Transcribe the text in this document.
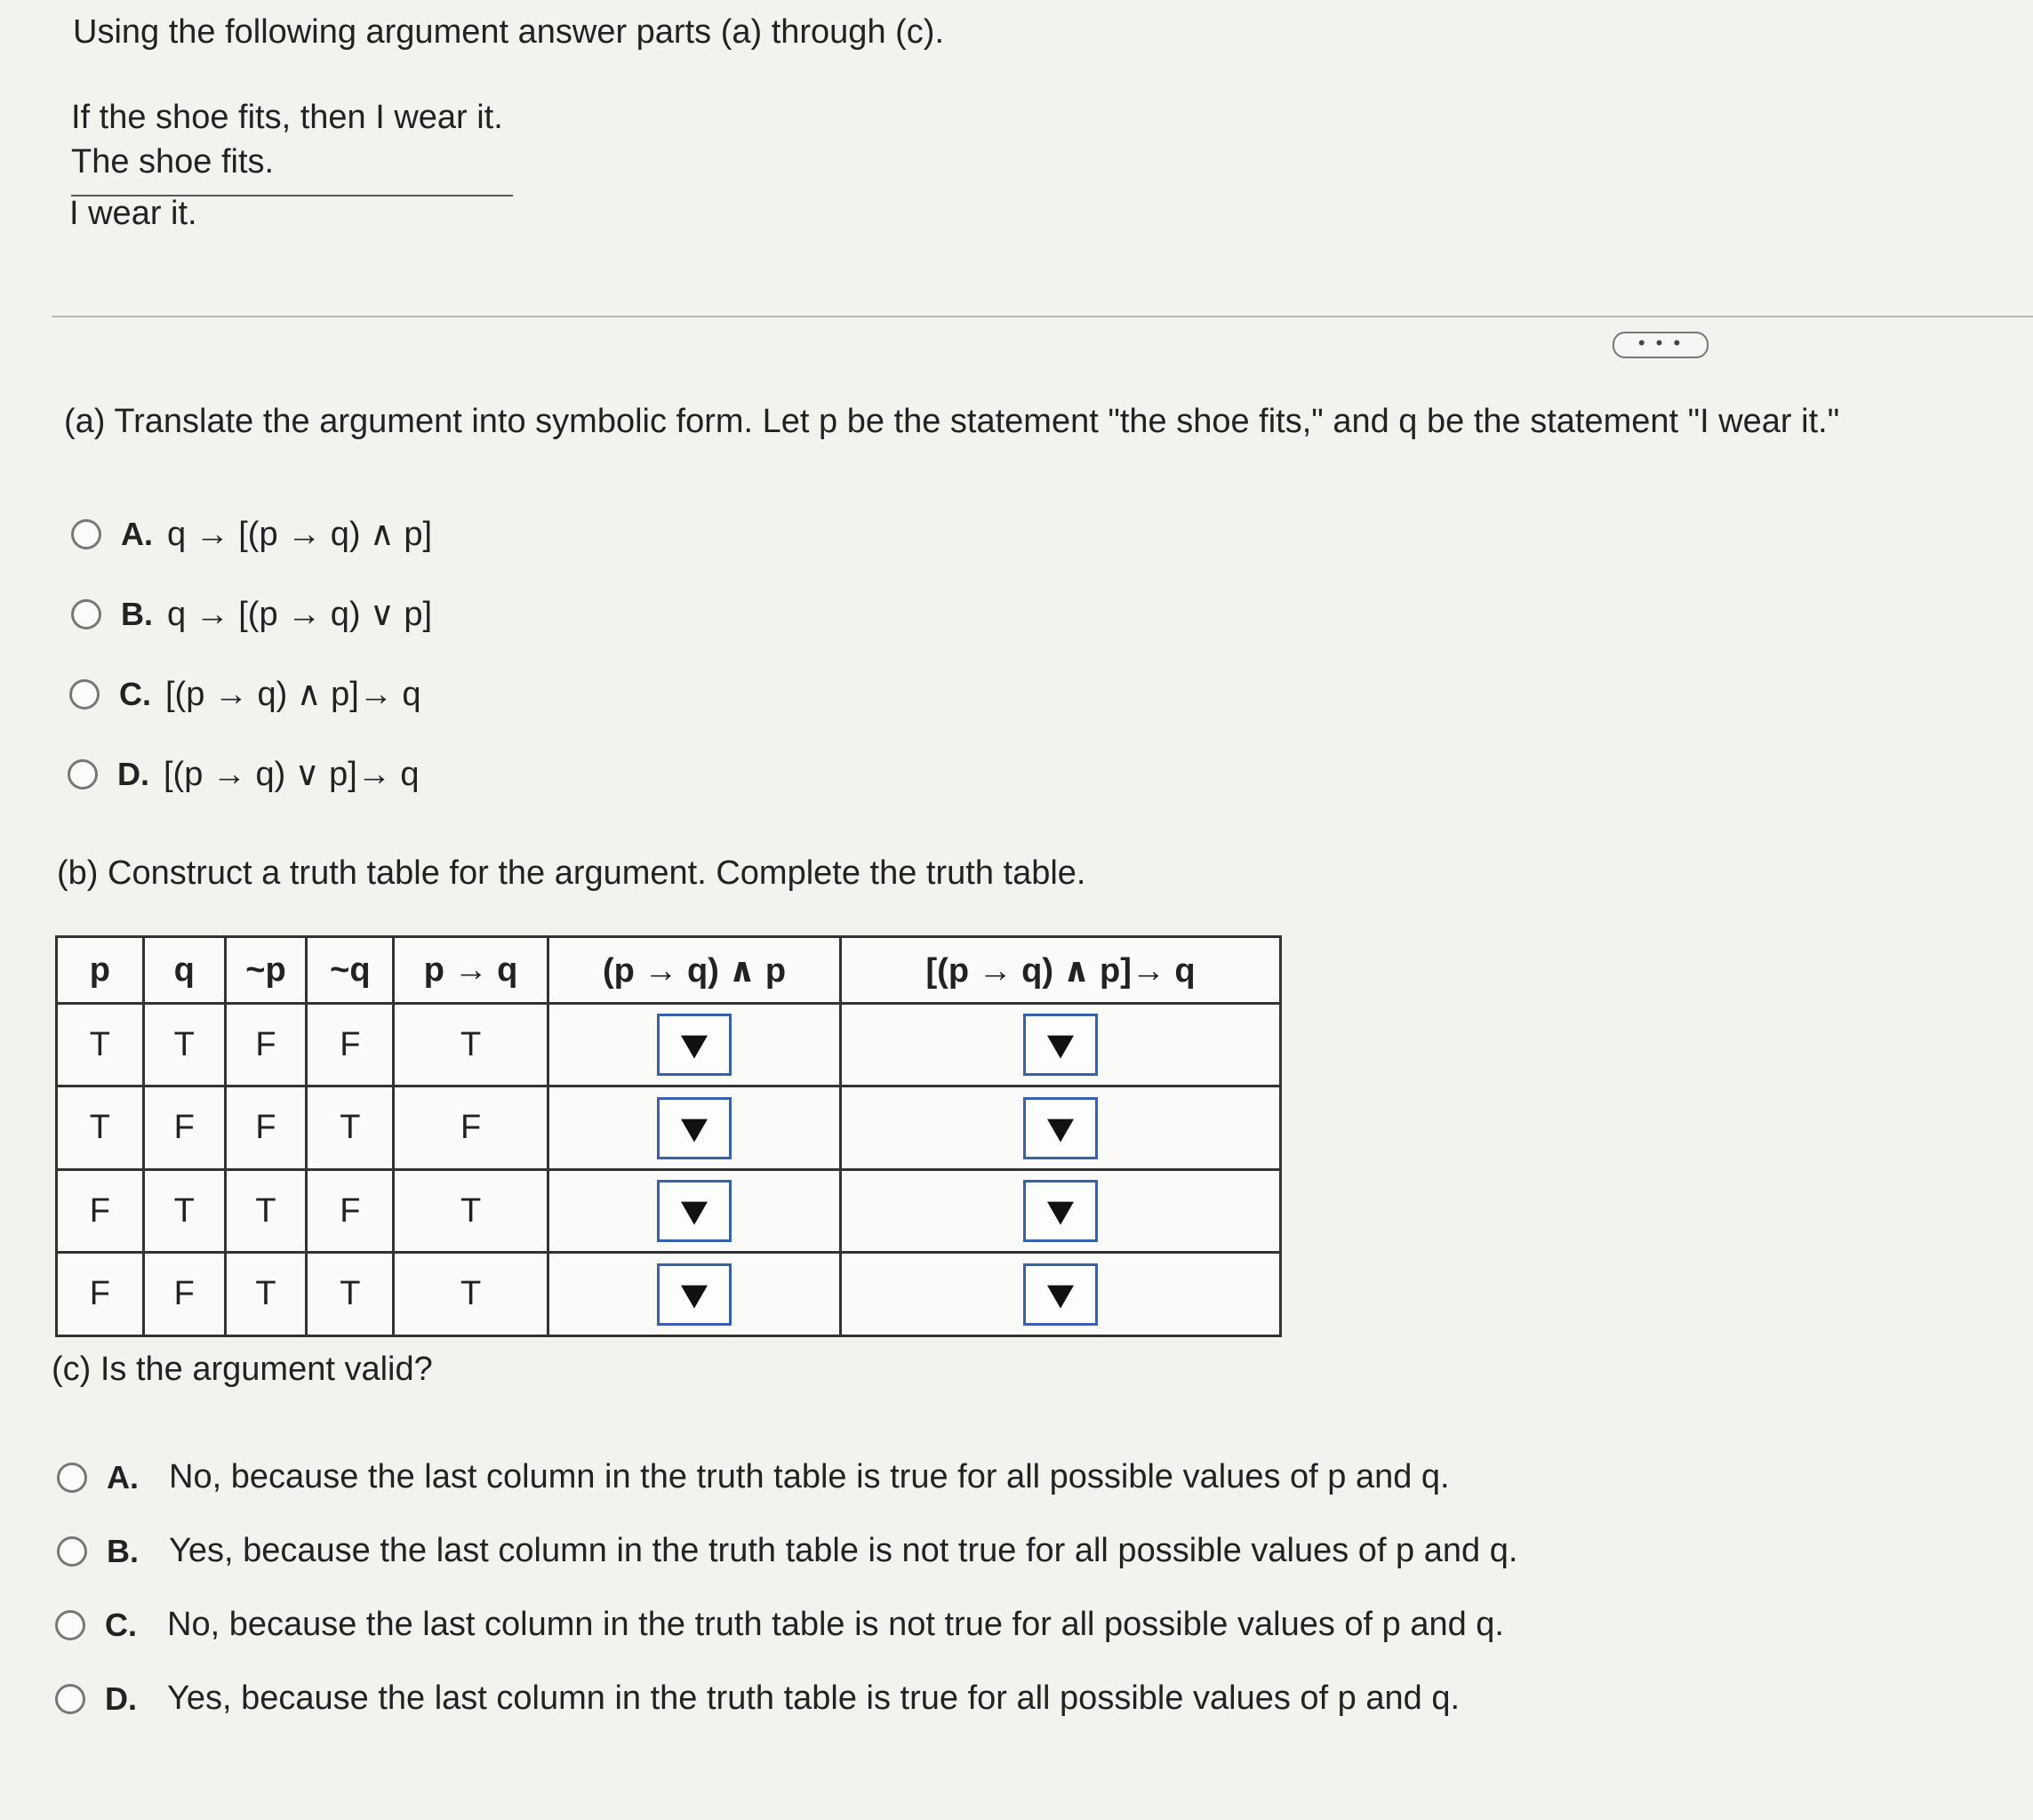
Using the following argument answer parts (a) through (c).
If the shoe fits, then I wear it.
The shoe fits.
I wear it.
• • •
(a) Translate the argument into symbolic form. Let p be the statement "the shoe fits," and q be the statement "I wear it."
A. q → [(p → q) ∧ p]
B. q → [(p → q) ∨ p]
C. [(p → q) ∧ p]→ q
D. [(p → q) ∨ p]→ q
(b) Construct a truth table for the argument. Complete the truth table.
p	q	~p	~q	p → q	(p → q) ∧ p	[(p → q) ∧ p]→ q
T	T	F	F	T		
T	F	F	T	F		
F	T	T	F	T		
F	F	T	T	T		
(c) Is the argument valid?
A. No, because the last column in the truth table is true for all possible values of p and q.
B. Yes, because the last column in the truth table is not true for all possible values of p and q.
C. No, because the last column in the truth table is not true for all possible values of p and q.
D. Yes, because the last column in the truth table is true for all possible values of p and q.
